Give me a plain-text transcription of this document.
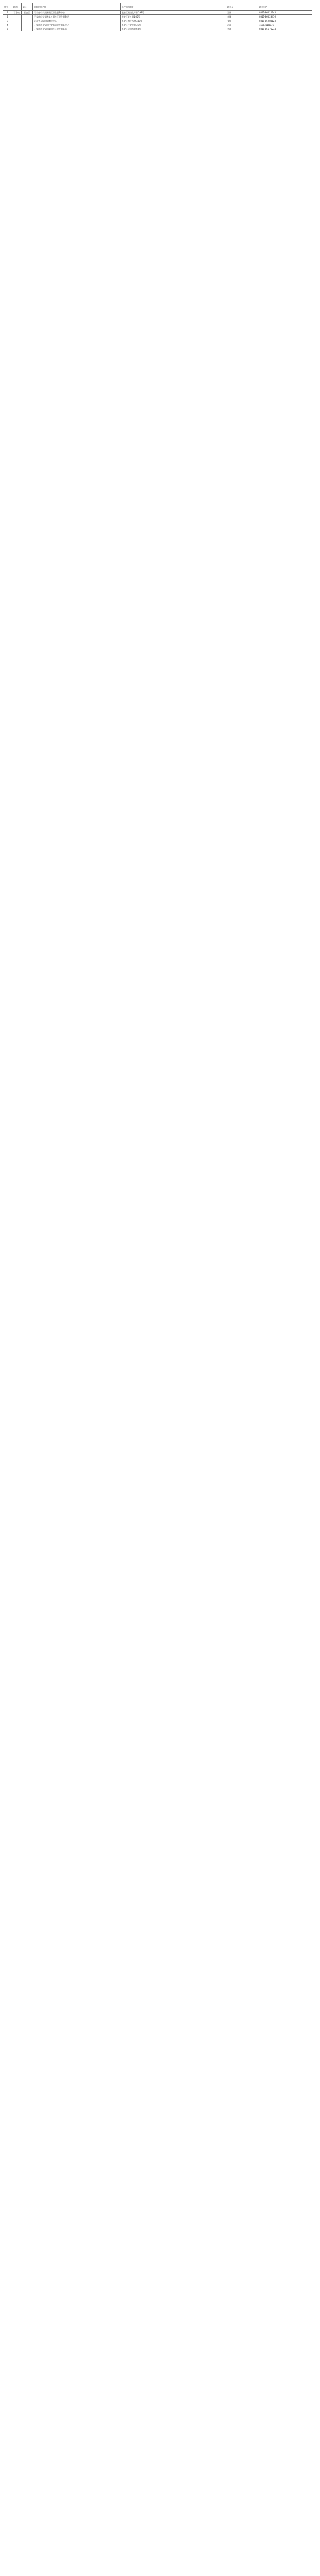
序号	地市	县区	医疗机构名称	医疗机构地址	联系人	联系电话
1	石家庄	长安区	石家庄市长安区社区卫生服务中心	长安区建设北大街198号	王丽	0311-86012345
2			石家庄市长安区育才街社区卫生服务站	长安区育才街105号	李娜	0311-86023456
3			河北省人民医院体检中心	长安区和平西路348号	张敏	0311-85988123
4			石家庄市长安区广安街道卫生服务中心	长安区广安大街36号	赵静	15303118876
5			石家庄市长安区谈固社区卫生服务站	长安区谈固东街58号	刘洋	0311-85671234
